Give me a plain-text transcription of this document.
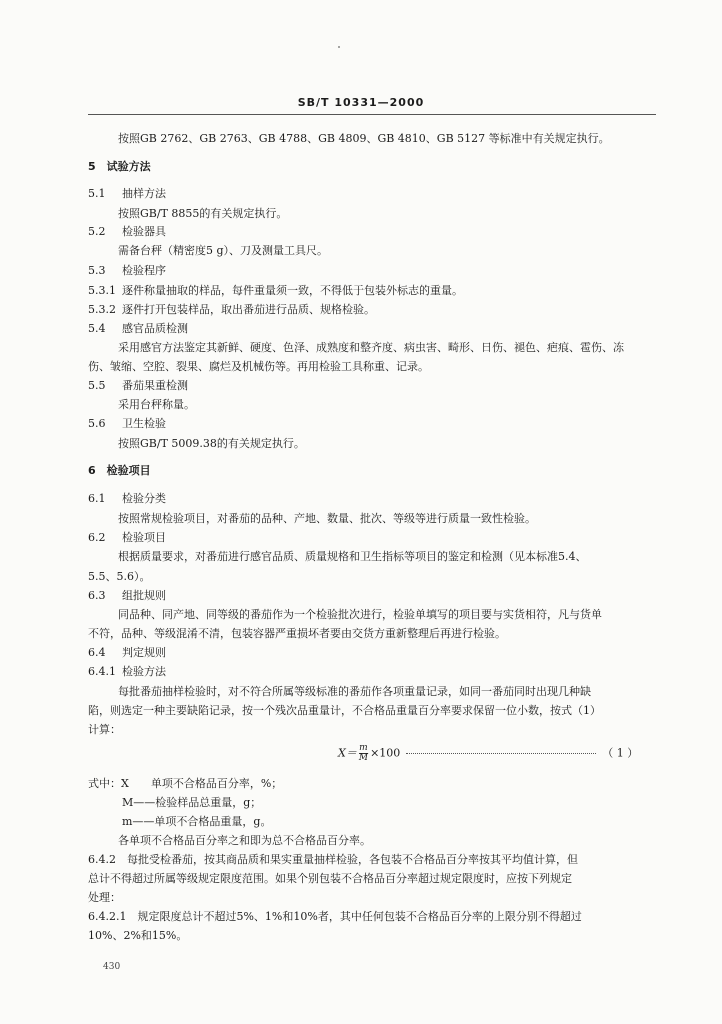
SB/T 10331—2000
按照GB 2762、GB 2763、GB 4788、GB 4809、GB 4810、GB 5127 等标准中有关规定执行。
5　试验方法
5.1 抽样方法
按照GB/T 8855的有关规定执行。
5.2 检验器具
需备台秤（精密度5 g）、刀及测量工具尺。
5.3 检验程序
5.3.1 逐件称量抽取的样品，每件重量须一致，不得低于包装外标志的重量。
5.3.2 逐件打开包装样品，取出番茄进行品质、规格检验。
5.4 感官品质检测
采用感官方法鉴定其新鲜、硬度、色泽、成熟度和整齐度、病虫害、畸形、日伤、褪色、疤痕、雹伤、冻
伤、皱缩、空腔、裂果、腐烂及机械伤等。再用检验工具称重、记录。
5.5 番茄果重检测
采用台秤称量。
5.6 卫生检验
按照GB/T 5009.38的有关规定执行。
6　检验项目
6.1 检验分类
按照常规检验项目，对番茄的品种、产地、数量、批次、等级等进行质量一致性检验。
6.2 检验项目
根据质量要求，对番茄进行感官品质、质量规格和卫生指标等项目的鉴定和检测（见本标准5.4、
5.5、5.6）。
6.3 组批规则
同品种、同产地、同等级的番茄作为一个检验批次进行，检验单填写的项目要与实货相符，凡与货单
不符，品种、等级混淆不清，包装容器严重损坏者要由交货方重新整理后再进行检验。
6.4 判定规则
6.4.1 检验方法
每批番茄抽样检验时，对不符合所属等级标准的番茄作各项重量记录，如同一番茄同时出现几种缺
陷，则选定一种主要缺陷记录，按一个残次品重量计，不合格品重量百分率要求保留一位小数，按式（1）
计算：
$X= \frac{m}{M} \times 100$	（ 1 ）
式中：X　　单项不合格品百分率，%；
M——检验样品总重量，g；
m——单项不合格品重量，g。
各单项不合格品百分率之和即为总不合格品百分率。
6.4.2　每批受检番茄，按其商品质和果实重量抽样检验，各包装不合格品百分率按其平均值计算，但
总计不得超过所属等级规定限度范围。如果个别包装不合格品百分率超过规定限度时，应按下列规定
处理：
6.4.2.1　规定限度总计不超过5%、1%和10%者，其中任何包装不合格品百分率的上限分别不得超过
10%、2%和15%。
430
